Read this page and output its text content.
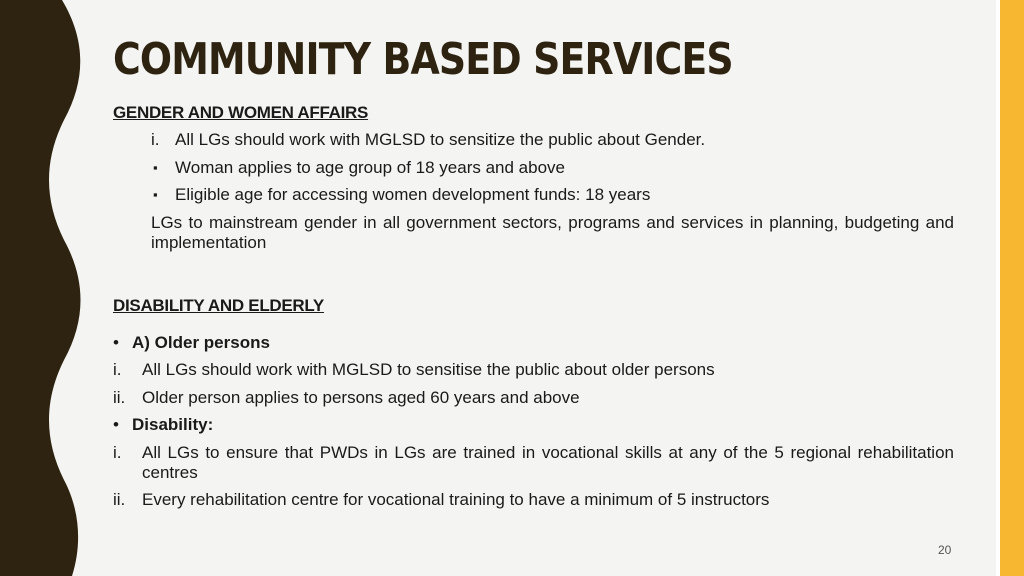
COMMUNITY BASED SERVICES
GENDER AND WOMEN AFFAIRS
i. All LGs should work with MGLSD to sensitize the public about Gender.
▪ Woman applies to age group of 18 years and above
▪ Eligible age for accessing women development funds: 18 years
LGs to mainstream gender in all government sectors, programs and services in planning, budgeting and implementation
DISABILITY AND ELDERLY
• A) Older persons
i. All LGs should work with MGLSD to sensitise the public about older persons
ii. Older person applies to persons aged 60 years and above
• Disability:
i. All LGs to ensure that PWDs in LGs are trained in vocational skills at any of the 5 regional rehabilitation centres
ii. Every rehabilitation centre for vocational training to have a minimum of 5 instructors
20
